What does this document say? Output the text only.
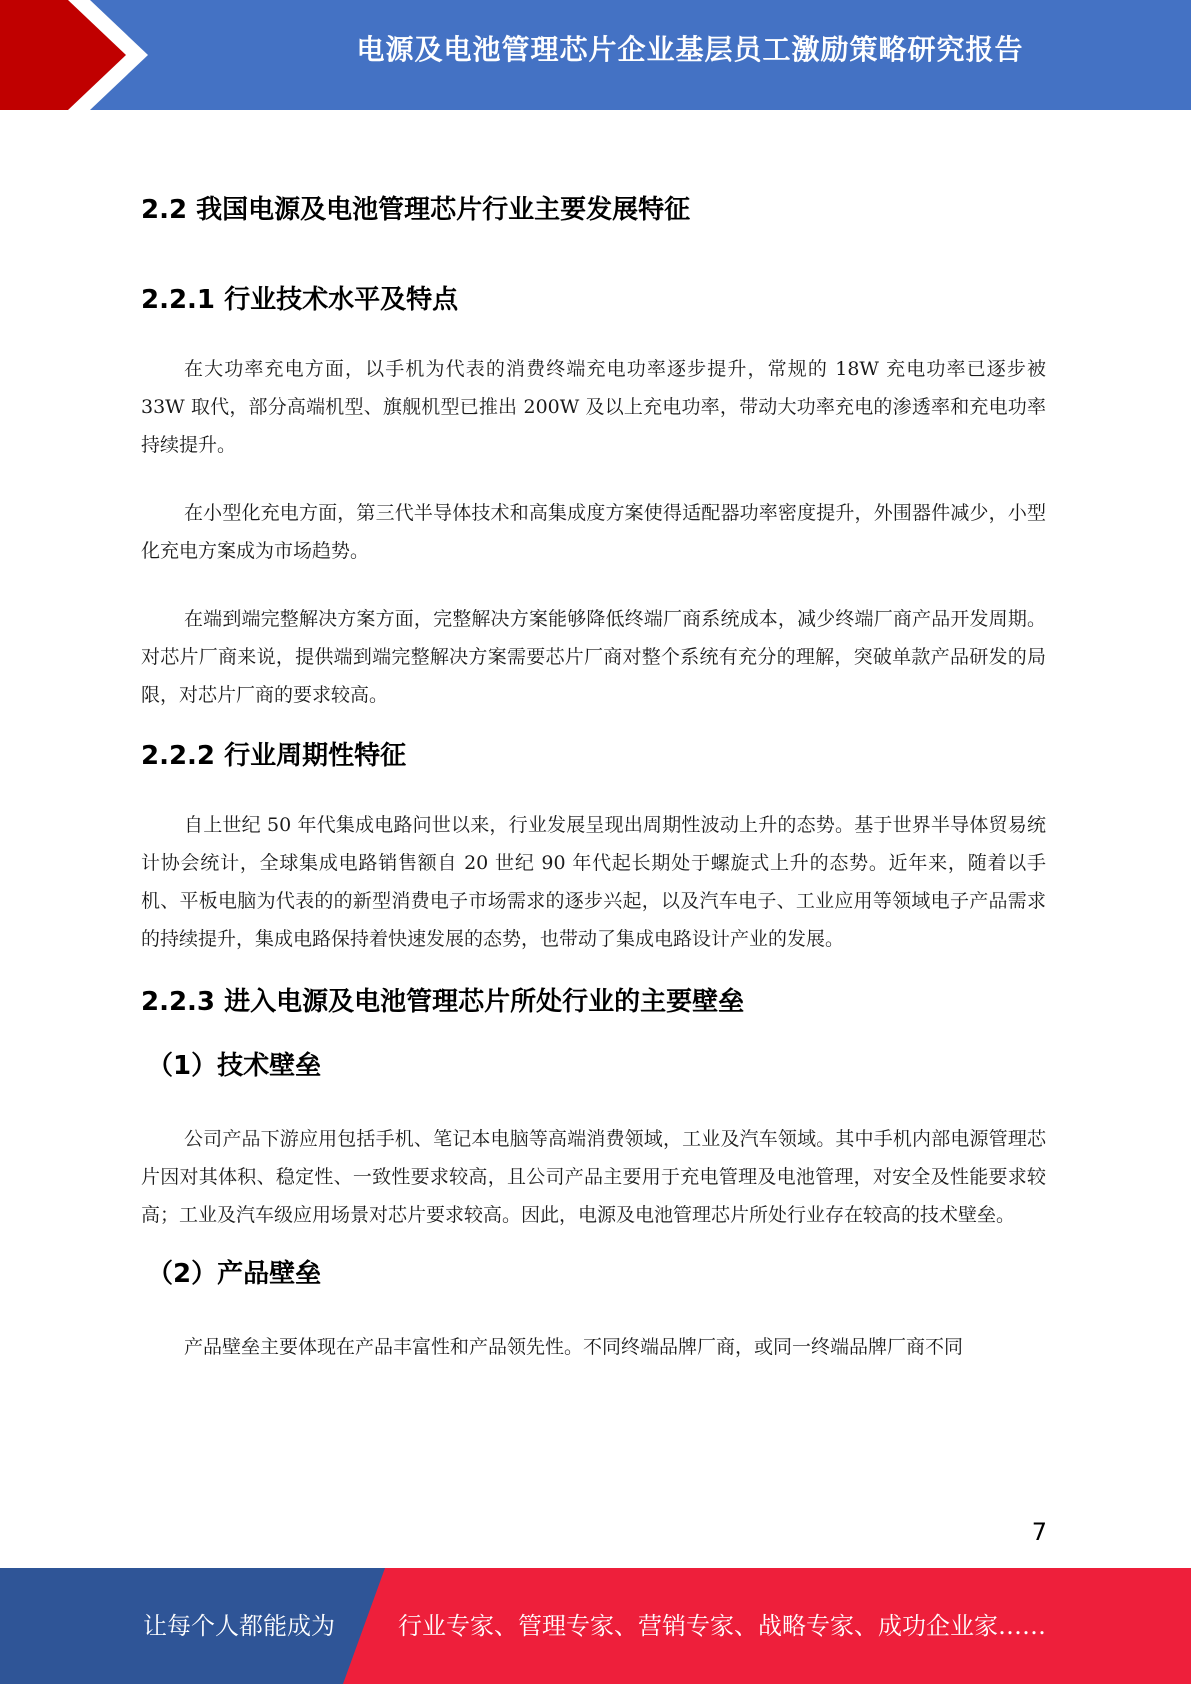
电源及电池管理芯片企业基层员工激励策略研究报告
2.2 我国电源及电池管理芯片行业主要发展特征
2.2.1 行业技术水平及特点

在大功率充电方面，以手机为代表的消费终端充电功率逐步提升，常规的 18W 充电功率已逐步被 33W 取代，部分高端机型、旗舰机型已推出 200W 及以上充电功率，带动大功率充电的渗透率和充电功率持续提升。

在小型化充电方面，第三代半导体技术和高集成度方案使得适配器功率密度提升，外围器件减少，小型化充电方案成为市场趋势。

在端到端完整解决方案方面，完整解决方案能够降低终端厂商系统成本，减少终端厂商产品开发周期。对芯片厂商来说，提供端到端完整解决方案需要芯片厂商对整个系统有充分的理解，突破单款产品研发的局限，对芯片厂商的要求较高。

2.2.2 行业周期性特征

自上世纪 50 年代集成电路问世以来，行业发展呈现出周期性波动上升的态势。基于世界半导体贸易统计协会统计，全球集成电路销售额自 20 世纪 90 年代起长期处于螺旋式上升的态势。近年来，随着以手机、平板电脑为代表的的新型消费电子市场需求的逐步兴起，以及汽车电子、工业应用等领域电子产品需求的持续提升，集成电路保持着快速发展的态势，也带动了集成电路设计产业的发展。

2.2.3 进入电源及电池管理芯片所处行业的主要壁垒
（1）技术壁垒

公司产品下游应用包括手机、笔记本电脑等高端消费领域，工业及汽车领域。其中手机内部电源管理芯片因对其体积、稳定性、一致性要求较高，且公司产品主要用于充电管理及电池管理，对安全及性能要求较高；工业及汽车级应用场景对芯片要求较高。因此，电源及电池管理芯片所处行业存在较高的技术壁垒。

（2）产品壁垒

产品壁垒主要体现在产品丰富性和产品领先性。不同终端品牌厂商，或同一终端品牌厂商不同

7
让每个人都能成为	行业专家、管理专家、营销专家、战略专家、成功企业家……
